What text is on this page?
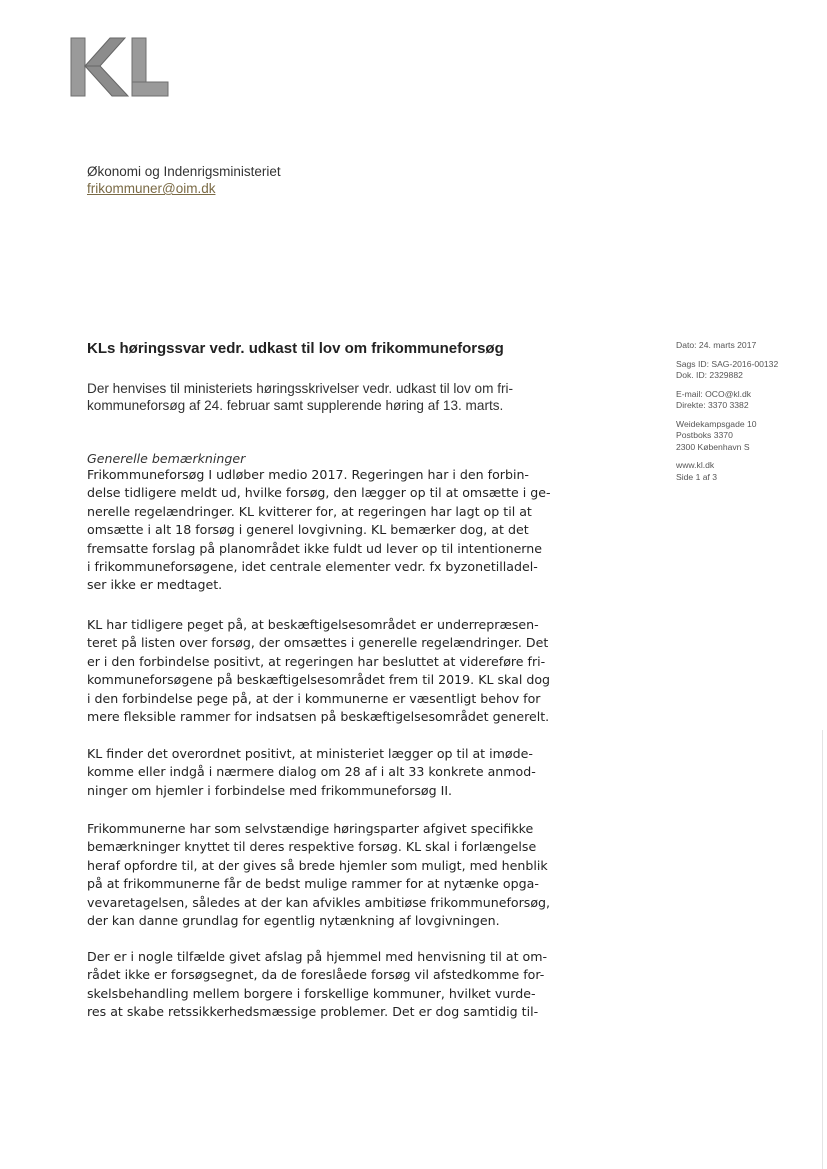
Økonomi og Indenrigsministeriet
frikommuner@oim.dk
KLs høringssvar vedr. udkast til lov om frikommuneforsøg
Der henvises til ministeriets høringsskrivelser vedr. udkast til lov om fri-
kommuneforsøg af 24. februar samt supplerende høring af 13. marts.
Generelle bemærkninger
Frikommuneforsøg I udløber medio 2017. Regeringen har i den forbin-
delse tidligere meldt ud, hvilke forsøg, den lægger op til at omsætte i ge-
nerelle regelændringer. KL kvitterer for, at regeringen har lagt op til at
omsætte i alt 18 forsøg i generel lovgivning. KL bemærker dog, at det
fremsatte forslag på planområdet ikke fuldt ud lever op til intentionerne
i frikommuneforsøgene, idet centrale elementer vedr. fx byzonetilladel-
ser ikke er medtaget.
KL har tidligere peget på, at beskæftigelsesområdet er underrepræsen-
teret på listen over forsøg, der omsættes i generelle regelændringer. Det
er i den forbindelse positivt, at regeringen har besluttet at videreføre fri-
kommuneforsøgene på beskæftigelsesområdet frem til 2019. KL skal dog
i den forbindelse pege på, at der i kommunerne er væsentligt behov for
mere fleksible rammer for indsatsen på beskæftigelsesområdet generelt.
KL finder det overordnet positivt, at ministeriet lægger op til at imøde-
komme eller indgå i nærmere dialog om 28 af i alt 33 konkrete anmod-
ninger om hjemler i forbindelse med frikommuneforsøg II.
Frikommunerne har som selvstændige høringsparter afgivet specifikke
bemærkninger knyttet til deres respektive forsøg. KL skal i forlængelse
heraf opfordre til, at der gives så brede hjemler som muligt, med henblik
på at frikommunerne får de bedst mulige rammer for at nytænke opga-
vevaretagelsen, således at der kan afvikles ambitiøse frikommuneforsøg,
der kan danne grundlag for egentlig nytænkning af lovgivningen.
Der er i nogle tilfælde givet afslag på hjemmel med henvisning til at om-
rådet ikke er forsøgsegnet, da de foreslåede forsøg vil afstedkomme for-
skelsbehandling mellem borgere i forskellige kommuner, hvilket vurde-
res at skabe retssikkerhedsmæssige problemer. Det er dog samtidig til-
Dato: 24. marts 2017
Sags ID: SAG-2016-00132
Dok. ID: 2329882
E-mail: OCO@kl.dk
Direkte: 3370 3382
Weidekampsgade 10
Postboks 3370
2300 København S
www.kl.dk
Side 1 af 3
